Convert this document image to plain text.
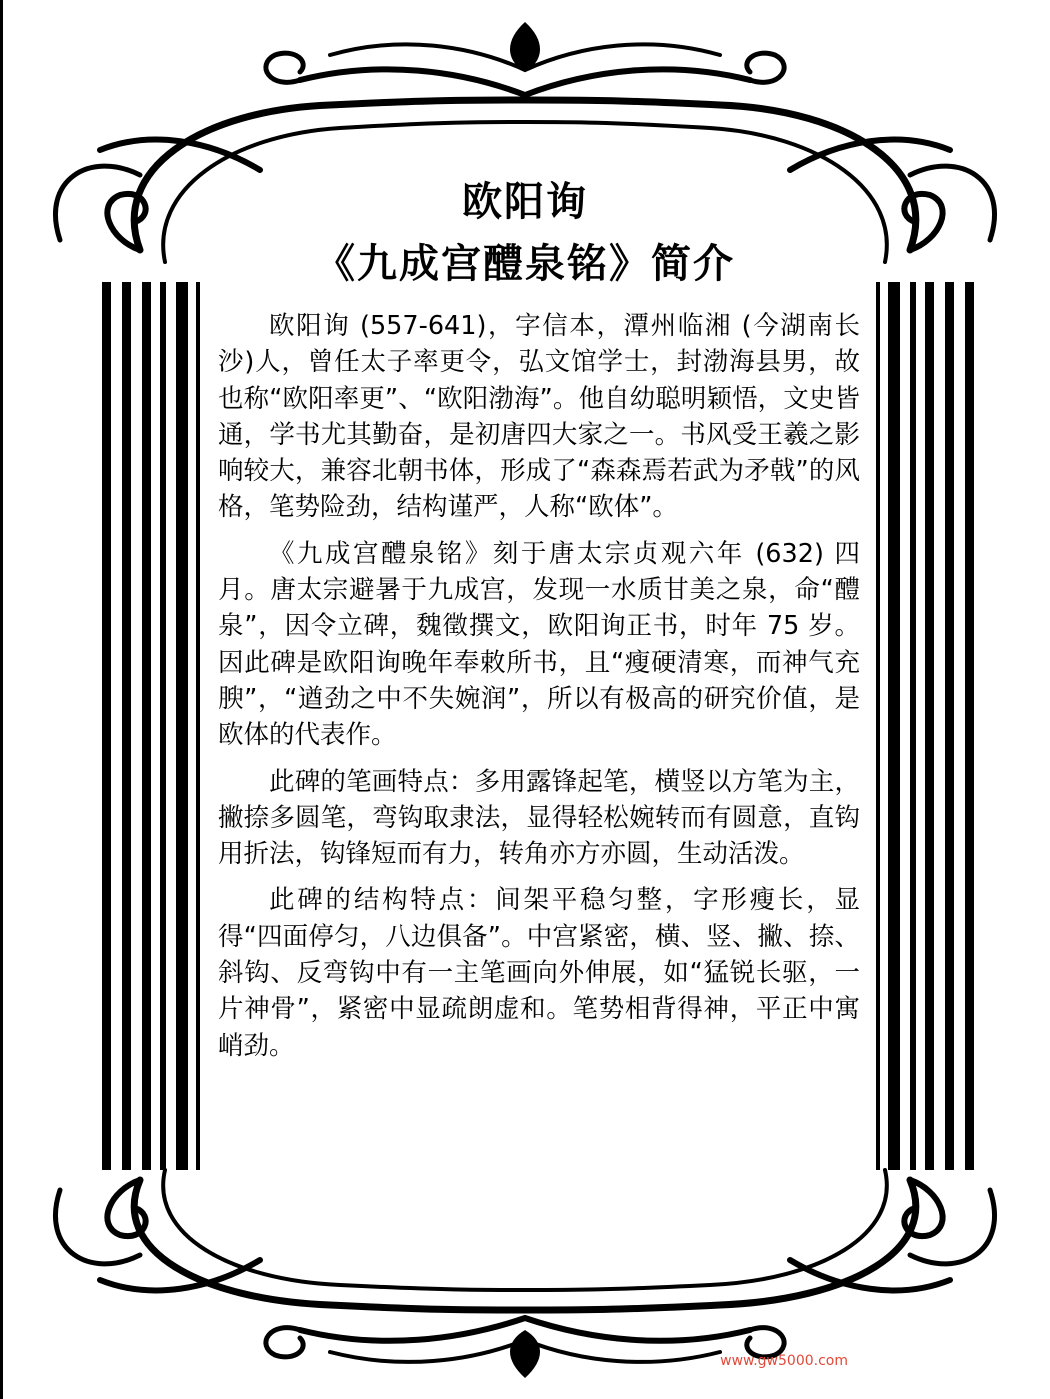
欧阳询
《九成宫醴泉铭》简介

欧阳询 (557-641)，字信本，潭州临湘 (今湖南长沙)人，曾任太子率更令，弘文馆学士，封渤海县男，故也称“欧阳率更”、“欧阳渤海”。他自幼聪明颖悟，文史皆通，学书尤其勤奋，是初唐四大家之一。书风受王羲之影响较大，兼容北朝书体，形成了“森森焉若武为矛戟”的风格，笔势险劲，结构谨严，人称“欧体”。

《九成宫醴泉铭》刻于唐太宗贞观六年 (632) 四月。唐太宗避暑于九成宫，发现一水质甘美之泉，命“醴泉”，因令立碑，魏徵撰文，欧阳询正书，时年 75 岁。因此碑是欧阳询晚年奉敕所书，且“瘦硬清寒，而神气充腴”，“遒劲之中不失婉润”，所以有极高的研究价值，是欧体的代表作。

此碑的笔画特点：多用露锋起笔，横竖以方笔为主，撇捺多圆笔，弯钩取隶法，显得轻松婉转而有圆意，直钩用折法，钩锋短而有力，转角亦方亦圆，生动活泼。

此碑的结构特点：间架平稳匀整，字形瘦长，显得“四面停匀，八边俱备”。中宫紧密，横、竖、撇、捺、斜钩、反弯钩中有一主笔画向外伸展，如“猛锐长驱，一片神骨”，紧密中显疏朗虚和。笔势相背得神，平正中寓峭劲。

www.gw5000.com
